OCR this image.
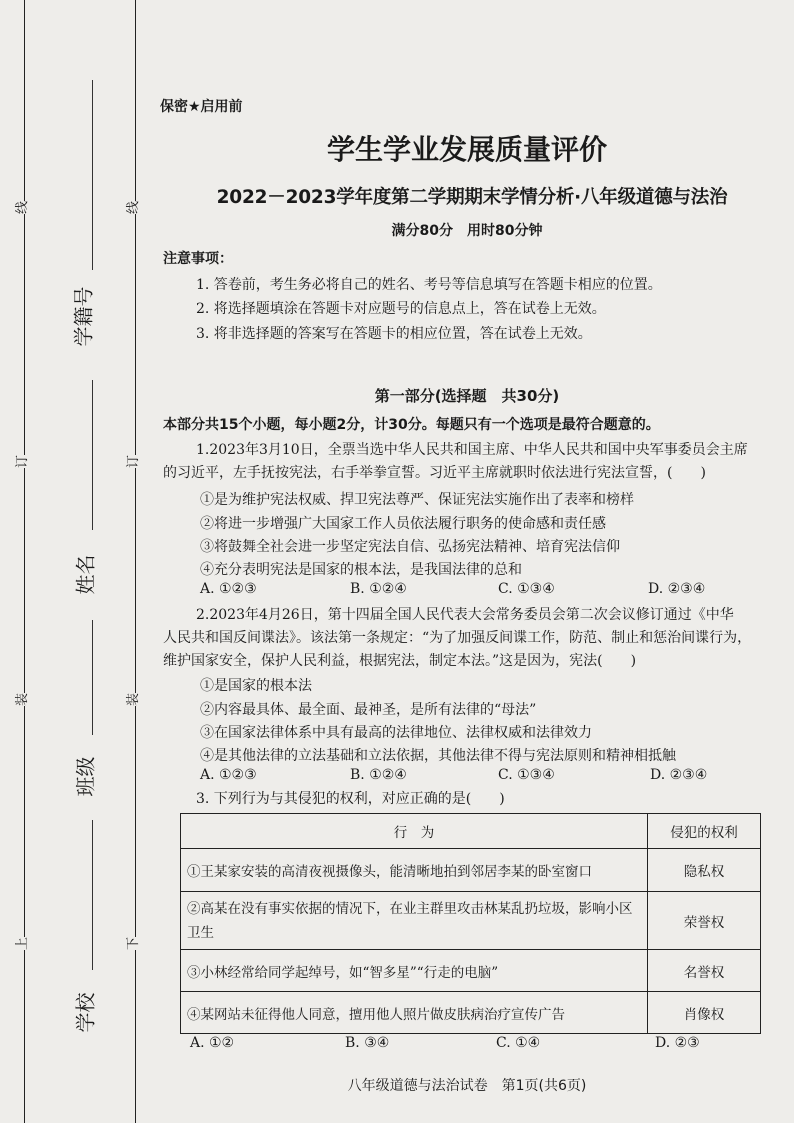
线
订
装
上
线
订
装
下
学籍号
姓名
班级
学校
保密★启用前
学生学业发展质量评价
2022－2023学年度第二学期期末学情分析·八年级道德与法治
满分80分　用时80分钟
注意事项：
1. 答卷前，考生务必将自己的姓名、考号等信息填写在答题卡相应的位置。
2. 将选择题填涂在答题卡对应题号的信息点上，答在试卷上无效。
3. 将非选择题的答案写在答题卡的相应位置，答在试卷上无效。
第一部分(选择题　共30分)
本部分共15个小题，每小题2分，计30分。每题只有一个选项是最符合题意的。
1.2023年3月10日，全票当选中华人民共和国主席、中华人民共和国中央军事委员会主席
的习近平，左手抚按宪法，右手举拳宣誓。习近平主席就职时依法进行宪法宣誓，(　　)
①是为维护宪法权威、捍卫宪法尊严、保证宪法实施作出了表率和榜样
②将进一步增强广大国家工作人员依法履行职务的使命感和责任感
③将鼓舞全社会进一步坚定宪法自信、弘扬宪法精神、培育宪法信仰
④充分表明宪法是国家的根本法，是我国法律的总和
A. ①②③	B. ①②④	C. ①③④	D. ②③④
2.2023年4月26日，第十四届全国人民代表大会常务委员会第二次会议修订通过《中华
人民共和国反间谍法》。该法第一条规定：“为了加强反间谍工作，防范、制止和惩治间谍行为，
维护国家安全，保护人民利益，根据宪法，制定本法。”这是因为，宪法(　　)
①是国家的根本法
②内容最具体、最全面、最神圣，是所有法律的“母法”
③在国家法律体系中具有最高的法律地位、法律权威和法律效力
④是其他法律的立法基础和立法依据，其他法律不得与宪法原则和精神相抵触
A. ①②③	B. ①②④	C. ①③④	D. ②③④
3. 下列行为与其侵犯的权利，对应正确的是(　　)
行　为	侵犯的权利
①王某家安装的高清夜视摄像头，能清晰地拍到邻居李某的卧室窗口	隐私权
②高某在没有事实依据的情况下，在业主群里攻击林某乱扔垃圾，影响小区卫生	荣誉权
③小林经常给同学起绰号，如“智多星”“行走的电脑”	名誉权
④某网站未征得他人同意，擅用他人照片做皮肤病治疗宣传广告	肖像权
A. ①②	B. ③④	C. ①④	D. ②③
八年级道德与法治试卷　第1页(共6页)
